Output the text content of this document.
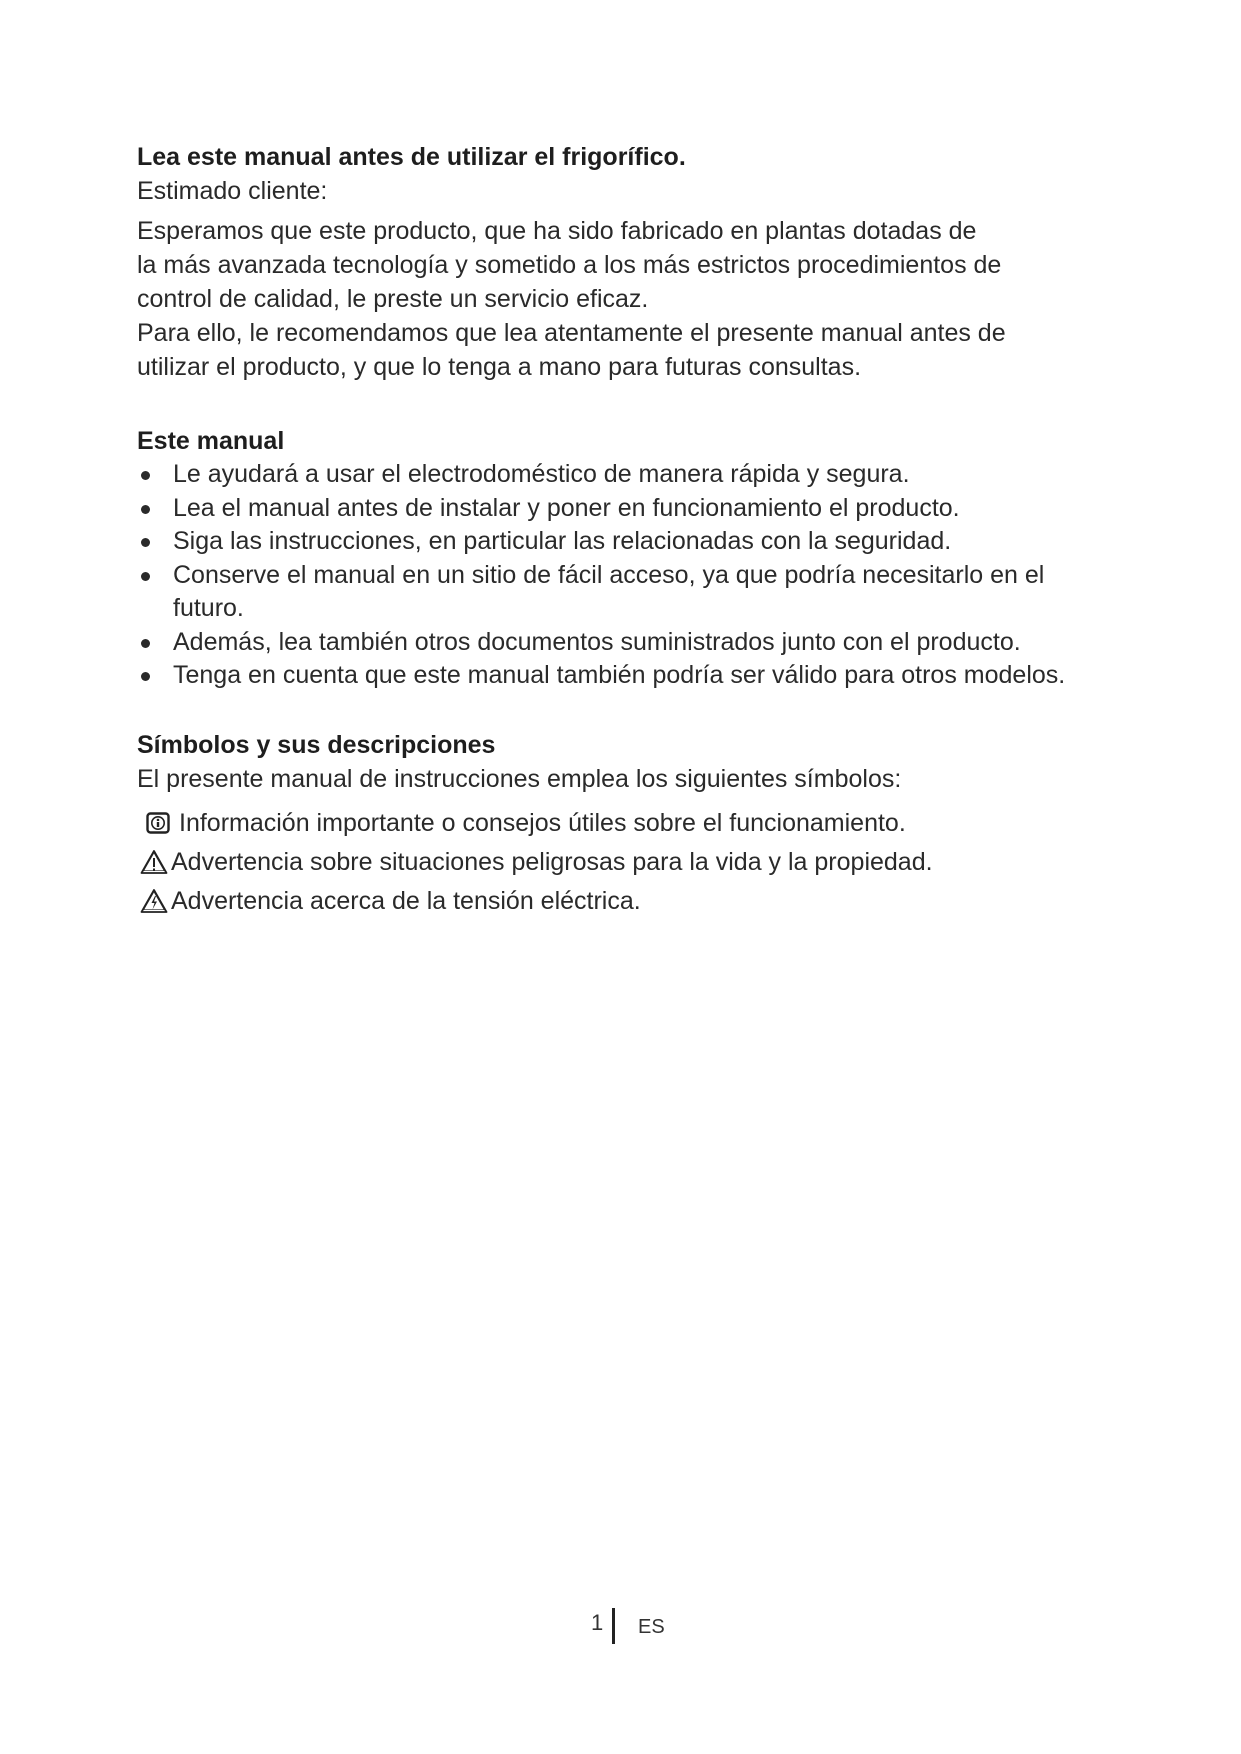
Lea este manual antes de utilizar el frigorífico.

Estimado cliente:

Esperamos que este producto, que ha sido fabricado en plantas dotadas de
la más avanzada tecnología y sometido a los más estrictos procedimientos de
control de calidad, le preste un servicio eficaz.
Para ello, le recomendamos que lea atentamente el presente manual antes de
utilizar el producto, y que lo tenga a mano para futuras consultas.

Este manual

Le ayudará a usar el electrodoméstico de manera rápida y segura.
Lea el manual antes de instalar y poner en funcionamiento el producto.
Siga las instrucciones, en particular las relacionadas con la seguridad.
Conserve el manual en un sitio de fácil acceso, ya que podría necesitarlo en el
futuro.
Además, lea también otros documentos suministrados junto con el producto.
Tenga en cuenta que este manual también podría ser válido para otros modelos.

Símbolos y sus descripciones

El presente manual de instrucciones emplea los siguientes símbolos:

Información importante o consejos útiles sobre el funcionamiento.
Advertencia sobre situaciones peligrosas para la vida y la propiedad.
Advertencia acerca de la tensión eléctrica.
1 ES
